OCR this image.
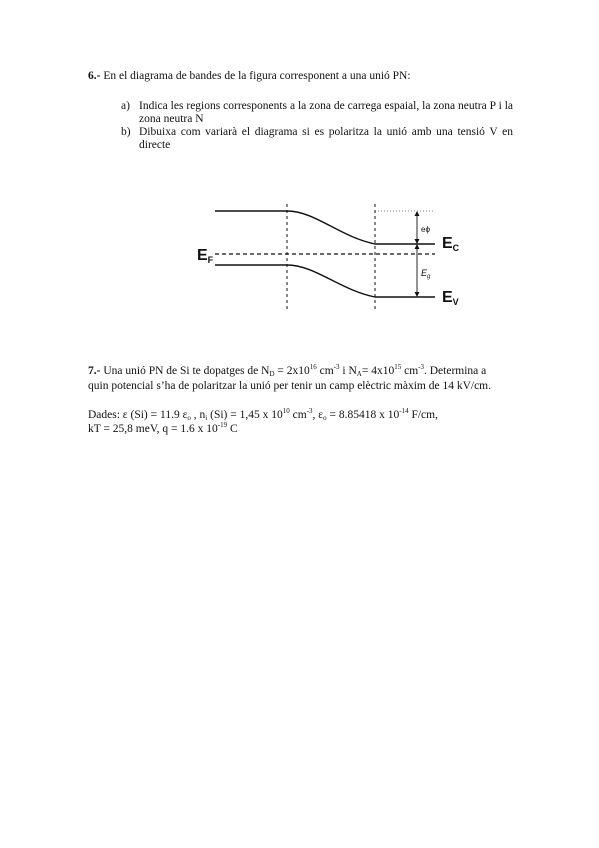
6.- En el diagrama de bandes de la figura corresponent a una unió PN:
a) Indica les regions corresponents a la zona de carrega espaial, la zona neutra P i la zona neutra N
b) Dibuixa com variarà el diagrama si es polaritza la unió amb una tensió V en directe
EF
EC
EV
eϕ
$E_g$
7.- Una unió PN de Si te dopatges de $N_D = 2x10^{16}$ $cm^{-3}$ i $N_A= 4x10^{15}$ $cm^{-3}$. Determina a
quin potencial s’ha de polaritzar la unió per tenir un camp elèctric màxim de 14 kV/cm.
Dades: ε (Si) = 11.9 $\varepsilon_o$ , $n_i$ (Si) = 1,45 x $10^{10}$ $cm^{-3}$, $\varepsilon_o = 8.85418$ x $10^{-14}$ F/cm,
kT = 25,8 meV, q = 1.6 x $10^{-19}$ C
